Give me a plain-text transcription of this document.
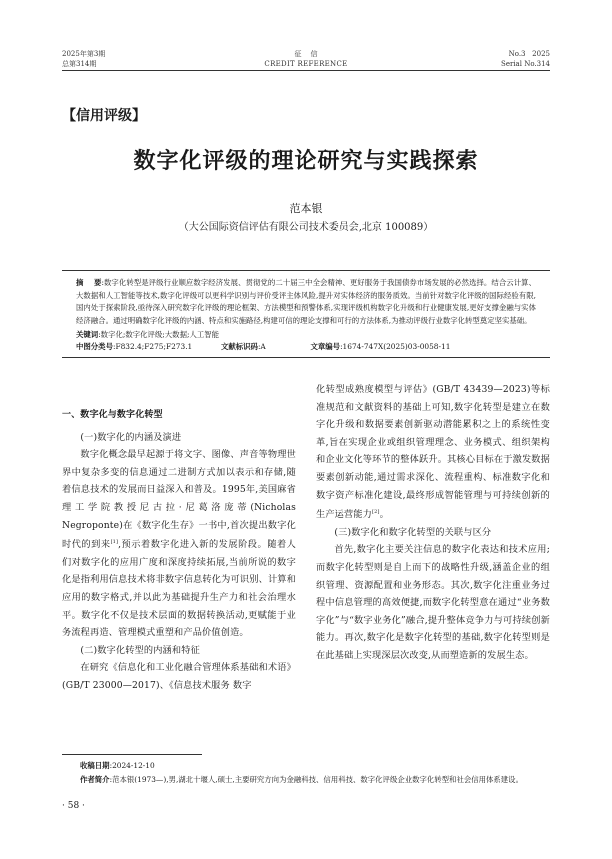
2025年第3期
总第314期
征    信
CREDIT REFERENCE
No.3   2025
Serial No.314
【信用评级】
数字化评级的理论研究与实践探索
范本银
（大公国际资信评估有限公司技术委员会,北京 100089）
摘    要:数字化转型是评级行业顺应数字经济发展、贯彻党的二十届三中全会精神、更好服务于我国债券市场发展的必然选择。结合云计算、大数据和人工智能等技术,数字化评级可以更科学识别与评价受评主体风险,提升对实体经济的服务质效。当前针对数字化评级的国际经验有限,国内处于探索阶段,亟待深入研究数字化评级的理论框架、方法模型和预警体系,实现评级机构数字化升级和行业健康发展,更好支撑金融与实体经济融合。通过明确数字化评级的内涵、特点和实施路径,构建可信的理论支撑和可行的方法体系,为推动评级行业数字化转型奠定坚实基础。
关键词:数字化;数字化评级;大数据;人工智能
中图分类号:F832.4;F275;F273.1	文献标识码:A	文章编号:1674-747X(2025)03-0058-11

一、数字化与数字化转型

(一)数字化的内涵及演进

数字化概念最早起源于将文字、图像、声音等物理世界中复杂多变的信息通过二进制方式加以表示和存储,随着信息技术的发展而日益深入和普及。1995年,美国麻省理工学院教授尼古拉·尼葛洛庞蒂(Nicholas Negroponte)在《数字化生存》一书中,首次提出数字化时代的到来[1],预示着数字化进入新的发展阶段。随着人们对数字化的应用广度和深度持续拓展,当前所说的数字化是指利用信息技术将非数字信息转化为可识别、计算和应用的数字格式,并以此为基础提升生产力和社会治理水平。数字化不仅是技术层面的数据转换活动,更赋能于业务流程再造、管理模式重塑和产品价值创造。

(二)数字化转型的内涵和特征

在研究《信息化和工业化融合管理体系基础和术语》(GB/T 23000—2017)、《信息技术服务 数字

化转型成熟度模型与评估》(GB/T 43439—2023)等标准规范和文献资料的基础上可知,数字化转型是建立在数字化升级和数据要素创新驱动潜能累积之上的系统性变革,旨在实现企业或组织管理理念、业务模式、组织架构和企业文化等环节的整体跃升。其核心目标在于激发数据要素创新动能,通过需求深化、流程重构、标准数字化和数字资产标准化建设,最终形成智能管理与可持续创新的生产运营能力[2]。

(三)数字化和数字化转型的关联与区分

首先,数字化主要关注信息的数字化表达和技术应用;而数字化转型则是自上而下的战略性升级,涵盖企业的组织管理、资源配置和业务形态。其次,数字化注重业务过程中信息管理的高效便捷,而数字化转型意在通过“业务数字化”与“数字业务化”融合,提升整体竞争力与可持续创新能力。再次,数字化是数字化转型的基础,数字化转型则是在此基础上实现深层次改变,从而塑造新的发展生态。

收稿日期:2024-12-10
作者简介:范本银(1973—),男,湖北十堰人,硕士,主要研究方向为金融科技、信用科技、数字化评级企业数字化转型和社会信用体系建设。
· 58 ·
